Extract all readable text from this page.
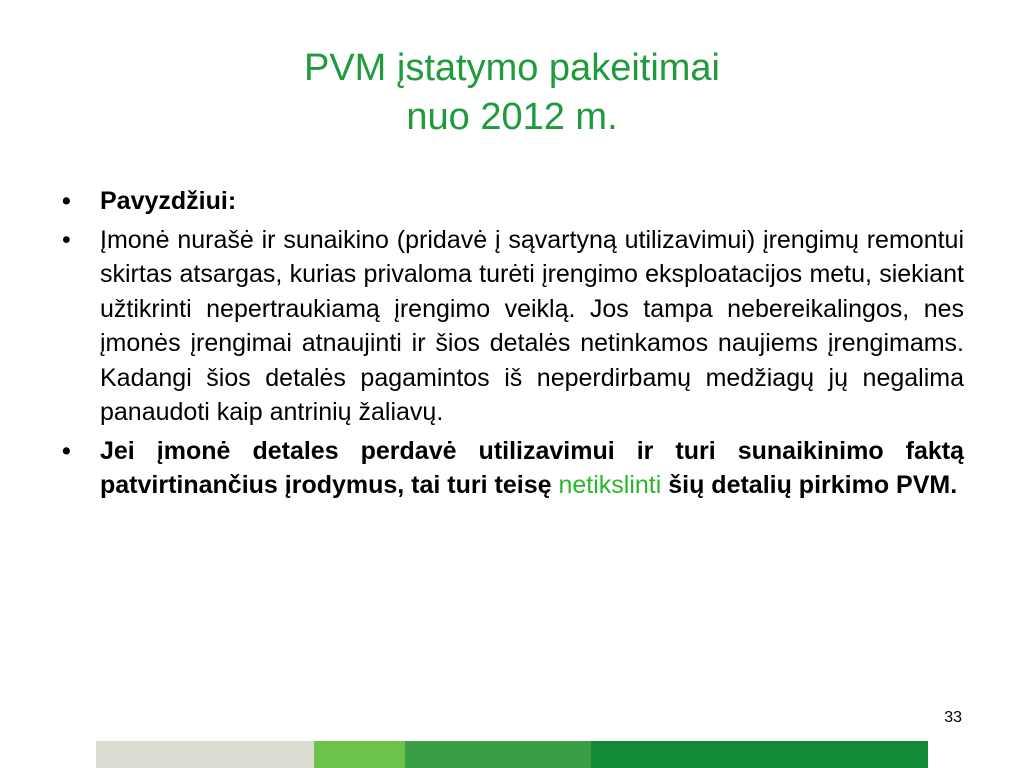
PVM įstatymo pakeitimai
nuo 2012 m.
•	Pavyzdžiui:
•	Įmonė nurašė ir sunaikino (pridavė į sąvartyną utilizavimui) įrengimų remontui skirtas atsargas, kurias privaloma turėti įrengimo eksploatacijos metu, siekiant užtikrinti nepertraukiamą įrengimo veiklą. Jos tampa nebereikalingos, nes įmonės įrengimai atnaujinti ir šios detalės netinkamos naujiems įrengimams. Kadangi šios detalės pagamintos iš neperdirbamų medžiagų jų negalima panaudoti kaip antrinių žaliavų.
•	Jei įmonė detales perdavė utilizavimui ir turi sunaikinimo faktą patvirtinančius įrodymus, tai turi teisę netikslinti šių detalių pirkimo PVM.
33
